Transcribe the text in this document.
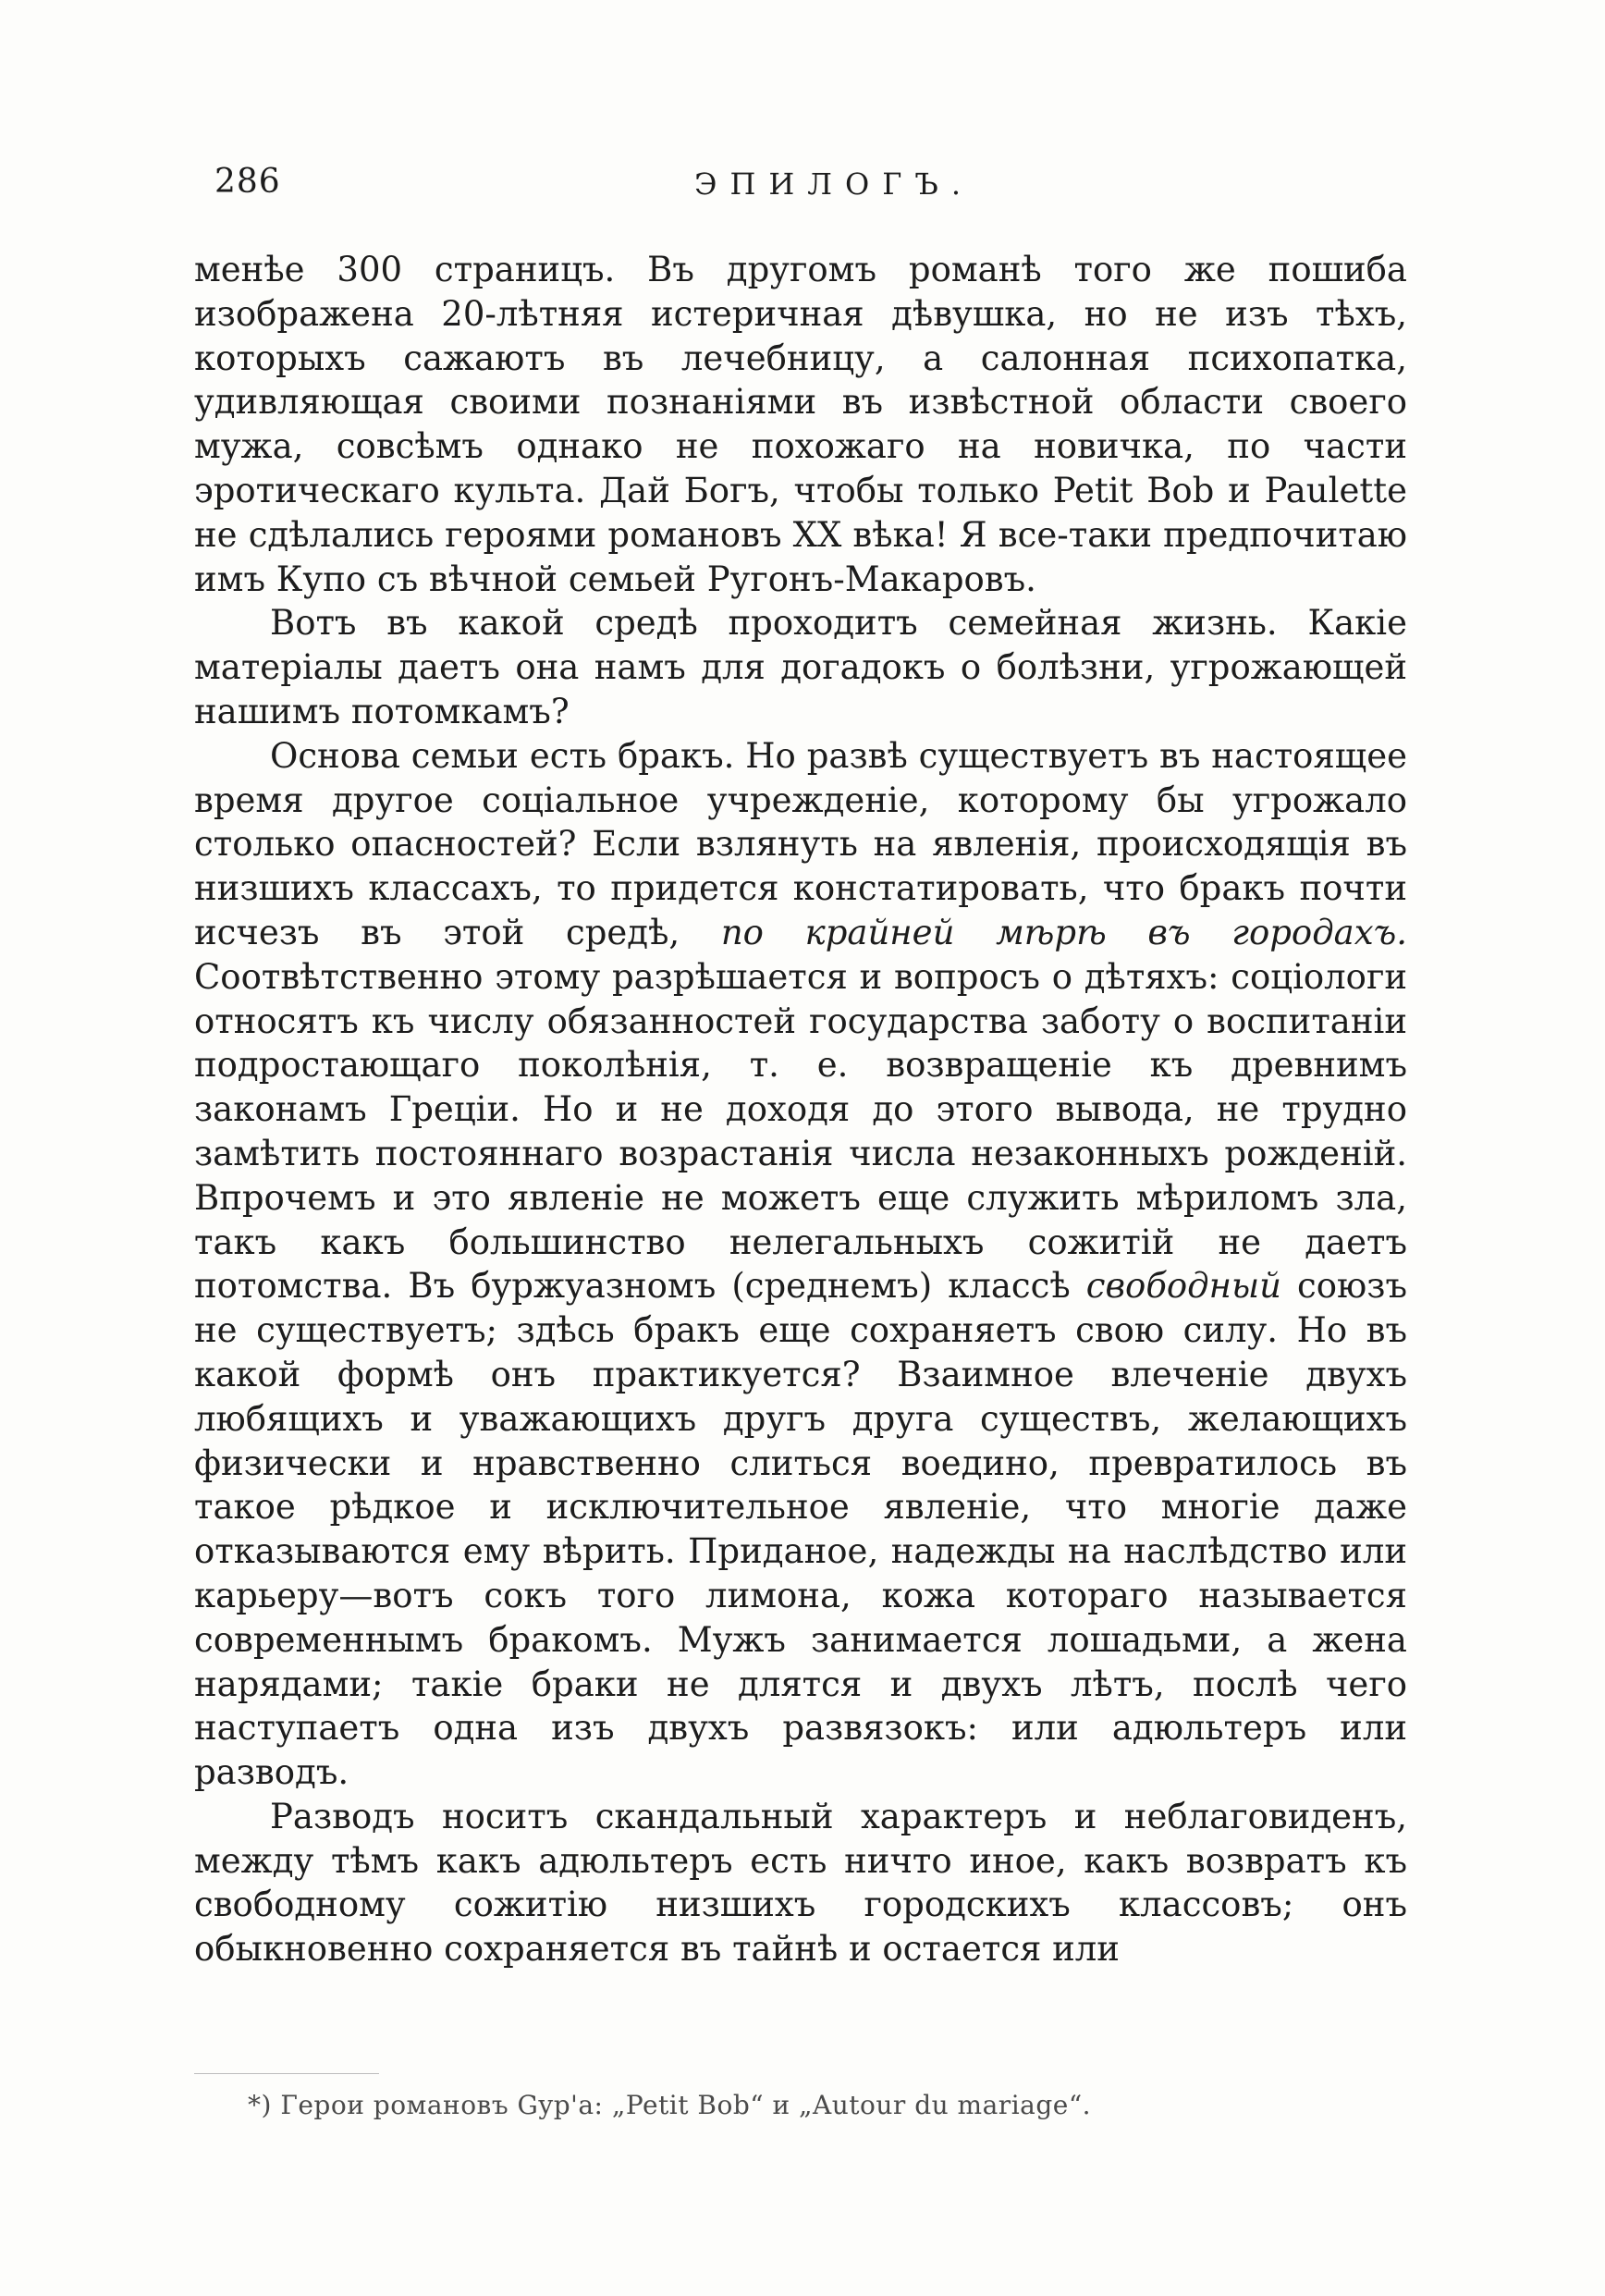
286	ЭПИЛОГЪ.

менѣе 300 страницъ. Въ другомъ романѣ того же пошиба изображена 20-лѣтняя истеричная дѣвушка, но не изъ тѣхъ, которыхъ сажаютъ въ лечебницу, а салонная психопатка, удивляющая своими познаніями въ извѣстной области своего мужа, совсѣмъ однако не похожаго на новичка, по части эротическаго культа. Дай Богъ, чтобы только Petit Bob и Paulette не сдѣлались героями романовъ XX вѣка! Я все-таки предпочитаю имъ Купо съ вѣчной семьей Ругонъ-Макаровъ.

Вотъ въ какой средѣ проходитъ семейная жизнь. Какіе матеріалы даетъ она намъ для догадокъ о болѣзни, угрожающей нашимъ потомкамъ?

Основа семьи есть бракъ. Но развѣ существуетъ въ настоящее время другое соціальное учрежденіе, которому бы угрожало столько опасностей? Если взлянуть на явленія, происходящія въ низшихъ классахъ, то придется констатировать, что бракъ почти исчезъ въ этой средѣ, по крайней мѣрѣ въ городахъ. Соотвѣтственно этому разрѣшается и вопросъ о дѣтяхъ: соціологи относятъ къ числу обязанностей государства заботу о воспитаніи подростающаго поколѣнія, т. е. возвращеніе къ древнимъ законамъ Греціи. Но и не доходя до этого вывода, не трудно замѣтить постояннаго возрастанія числа незаконныхъ рожденій. Впрочемъ и это явленіе не можетъ еще служить мѣриломъ зла, такъ какъ большинство нелегальныхъ сожитій не даетъ потомства. Въ буржуазномъ (среднемъ) классѣ свободный союзъ не существуетъ; здѣсь бракъ еще сохраняетъ свою силу. Но въ какой формѣ онъ практикуется? Взаимное влеченіе двухъ любящихъ и уважающихъ другъ друга существъ, желающихъ физически и нравственно слиться воедино, превратилось въ такое рѣдкое и исключительное явленіе, что многіе даже отказываются ему вѣрить. Приданое, надежды на наслѣдство или карьеру—вотъ сокъ того лимона, кожа котораго называется современнымъ бракомъ. Мужъ занимается лошадьми, а жена нарядами; такіе браки не длятся и двухъ лѣтъ, послѣ чего наступаетъ одна изъ двухъ развязокъ: или адюльтеръ или разводъ.

Разводъ носитъ скандальный характеръ и неблаговиденъ, между тѣмъ какъ адюльтеръ есть ничто иное, какъ возвратъ къ свободному сожитію низшихъ городскихъ классовъ; онъ обыкновенно сохраняется въ тайнѣ и остается или

*) Герои романовъ Gyp'a: „Petit Bob“ и „Autour du mariage“.
